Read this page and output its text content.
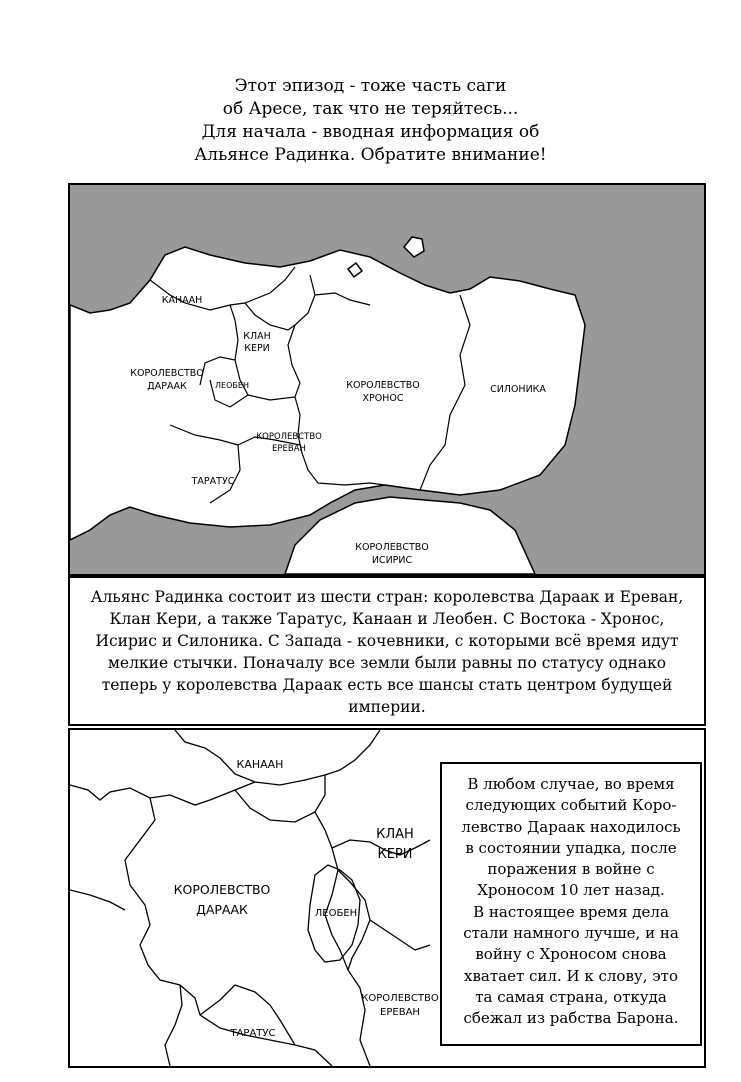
Этот эпизод - тоже часть саги
об Аресе, так что не теряйтесь...
Для начала - вводная информация об
Альянсе Радинка. Обратите внимание!
КАНААН
КЛАН
КЕРИ
КОРОЛЕВСТВО
ДАРААК	ЛЕОБЕН	КОРОЛЕВСТВО
ХРОНОС
СИЛОНИКА
КОРОЛЕВСТВО
ЕРЕВАН
ТАРАТУС
КОРОЛЕВСТВО
ИСИРИС
Альянс Радинка состоит из шести стран: королевства Дараак и Ереван,
Клан Кери, а также Таратус, Канаан и Леобен. С Востока - Хронос,
Исирис и Силоника. С Запада - кочевники, с которыми всё время идут
мелкие стычки. Поначалу все земли были равны по статусу однако
теперь у королевства Дараак есть все шансы стать центром будущей
империи.
КАНААН
КЛАН
КЕРИ
КОРОЛЕВСТВО
ДАРААК	ЛЕОБЕН
КОРОЛЕВСТВО
ЕРЕВАН
ТАРАТУС
В любом случае, во время
следующих событий Коро-
левство Дараак находилось
в состоянии упадка, после
поражения в войне с
Хроносом 10 лет назад.
В настоящее время дела
стали намного лучше, и на
войну с Хроносом снова
хватает сил. И к слову, это
та самая страна, откуда
сбежал из рабства Барона.
